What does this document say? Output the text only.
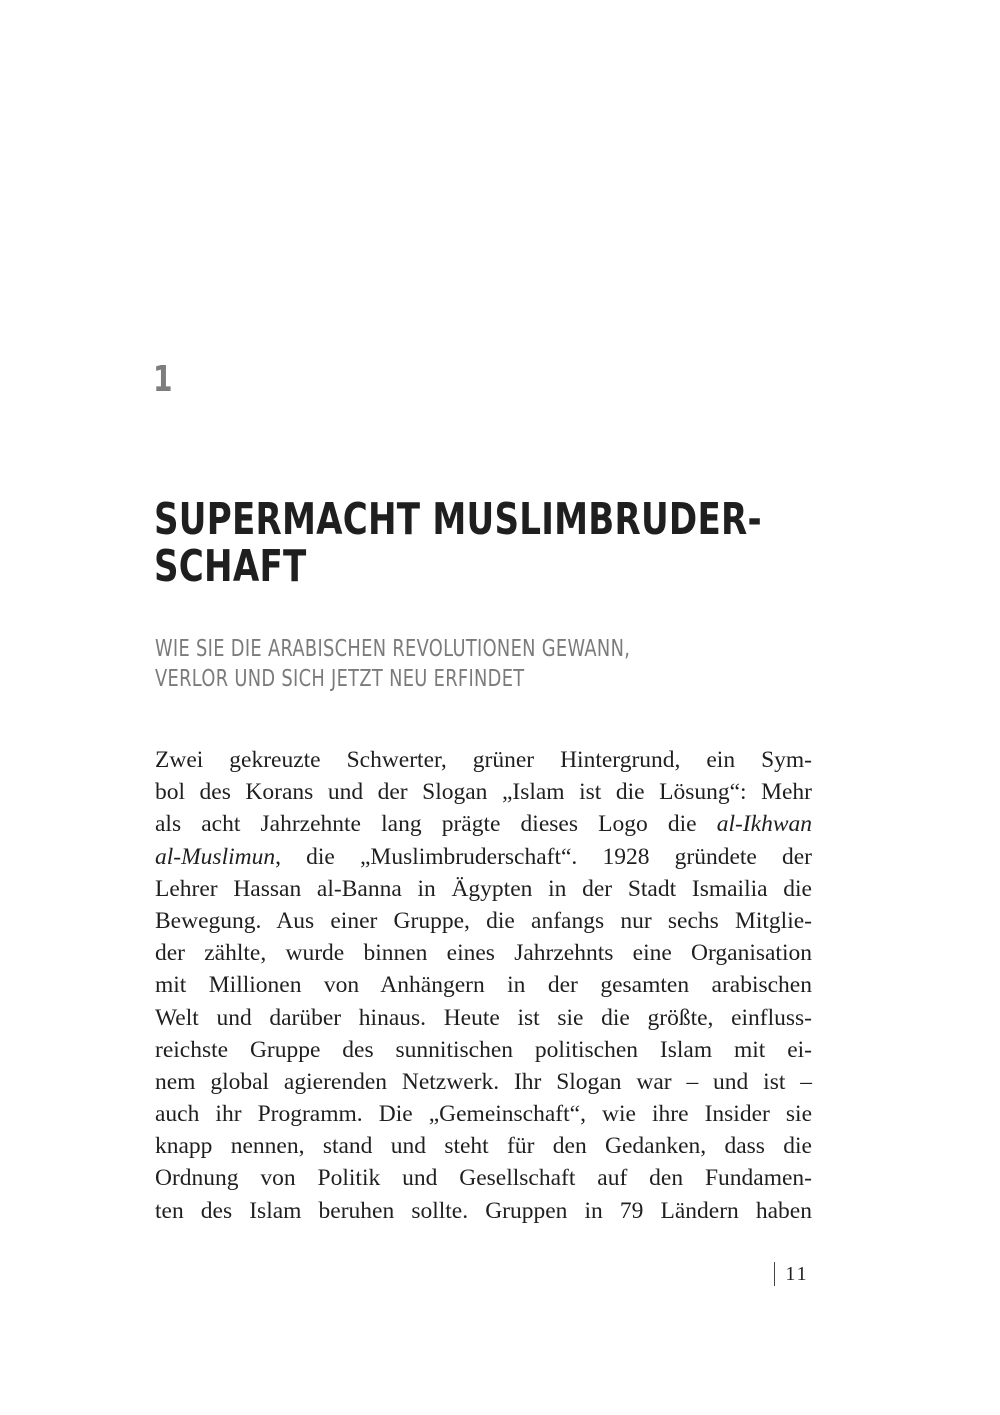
1
SUPERMACHT MUSLIMBRUDER-
SCHAFT
WIE SIE DIE ARABISCHEN REVOLUTIONEN GEWANN,
VERLOR UND SICH JETZT NEU ERFINDET
Zwei gekreuzte Schwerter, grüner Hintergrund, ein Sym-
bol des Korans und der Slogan „Islam ist die Lösung“: Mehr
als acht Jahrzehnte lang prägte dieses Logo die al-Ikhwan
al-Muslimun, die „Muslimbruderschaft“. 1928 gründete der
Lehrer Hassan al-Banna in Ägypten in der Stadt Ismailia die
Bewegung. Aus einer Gruppe, die anfangs nur sechs Mitglie-
der zählte, wurde binnen eines Jahrzehnts eine Organisation
mit Millionen von Anhängern in der gesamten arabischen
Welt und darüber hinaus. Heute ist sie die größte, einfluss-
reichste Gruppe des sunnitischen politischen Islam mit ei-
nem global agierenden Netzwerk. Ihr Slogan war – und ist –
auch ihr Programm. Die „Gemeinschaft“, wie ihre Insider sie
knapp nennen, stand und steht für den Gedanken, dass die
Ordnung von Politik und Gesellschaft auf den Fundamen-
ten des Islam beruhen sollte. Gruppen in 79 Ländern haben
11
